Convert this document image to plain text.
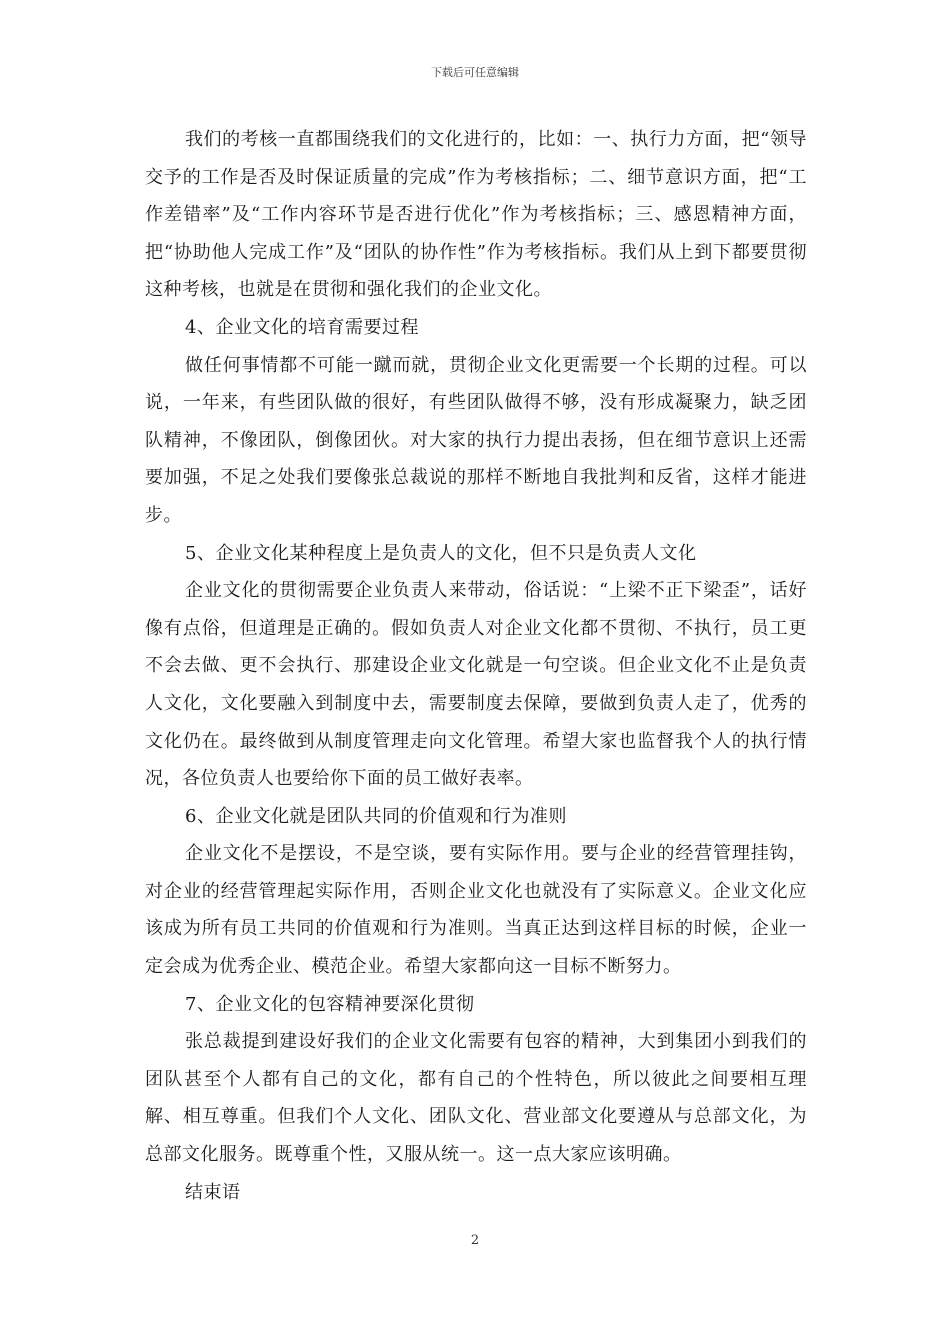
下载后可任意编辑

我们的考核一直都围绕我们的文化进行的，比如：一、执行力方面，把“领导交予的工作是否及时保证质量的完成”作为考核指标；二、细节意识方面，把“工作差错率”及“工作内容环节是否进行优化”作为考核指标；三、感恩精神方面，把“协助他人完成工作”及“团队的协作性”作为考核指标。我们从上到下都要贯彻这种考核，也就是在贯彻和强化我们的企业文化。

4、企业文化的培育需要过程

做任何事情都不可能一蹴而就，贯彻企业文化更需要一个长期的过程。可以说，一年来，有些团队做的很好，有些团队做得不够，没有形成凝聚力，缺乏团队精神，不像团队，倒像团伙。对大家的执行力提出表扬，但在细节意识上还需要加强，不足之处我们要像张总裁说的那样不断地自我批判和反省，这样才能进步。

5、企业文化某种程度上是负责人的文化，但不只是负责人文化

企业文化的贯彻需要企业负责人来带动，俗话说：“上梁不正下梁歪”，话好像有点俗，但道理是正确的。假如负责人对企业文化都不贯彻、不执行，员工更不会去做、更不会执行、那建设企业文化就是一句空谈。但企业文化不止是负责人文化，文化要融入到制度中去，需要制度去保障，要做到负责人走了，优秀的文化仍在。最终做到从制度管理走向文化管理。希望大家也监督我个人的执行情况，各位负责人也要给你下面的员工做好表率。

6、企业文化就是团队共同的价值观和行为准则

企业文化不是摆设，不是空谈，要有实际作用。要与企业的经营管理挂钩，对企业的经营管理起实际作用，否则企业文化也就没有了实际意义。企业文化应该成为所有员工共同的价值观和行为准则。当真正达到这样目标的时候，企业一定会成为优秀企业、模范企业。希望大家都向这一目标不断努力。

7、企业文化的包容精神要深化贯彻

张总裁提到建设好我们的企业文化需要有包容的精神，大到集团小到我们的团队甚至个人都有自己的文化，都有自己的个性特色，所以彼此之间要相互理解、相互尊重。但我们个人文化、团队文化、营业部文化要遵从与总部文化，为总部文化服务。既尊重个性，又服从统一。这一点大家应该明确。

结束语

2
